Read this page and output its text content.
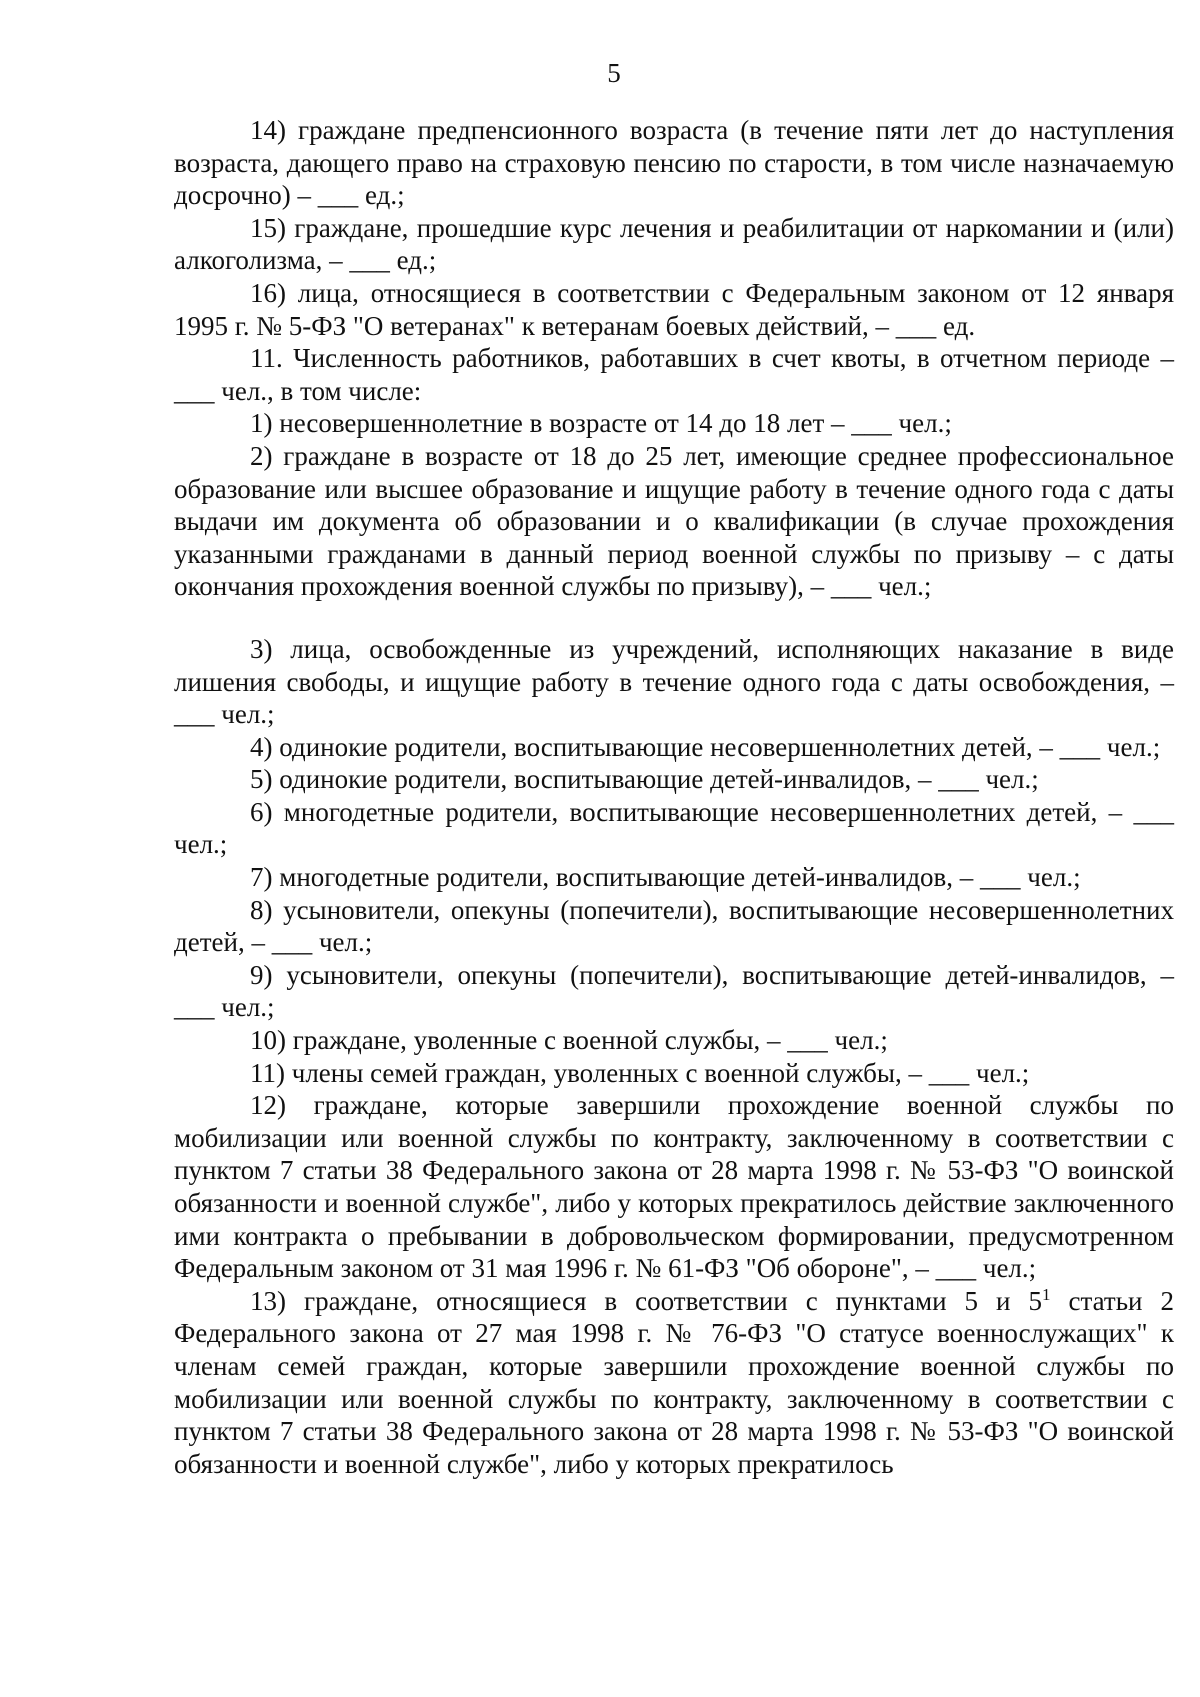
5

14) граждане предпенсионного возраста (в течение пяти лет до наступления возраста, дающего право на страховую пенсию по старости, в том числе назначаемую досрочно) – ___ ед.;

15) граждане, прошедшие курс лечения и реабилитации от наркомании и (или) алкоголизма, – ___ ед.;

16) лица, относящиеся в соответствии с Федеральным законом от 12 января 1995 г. № 5-ФЗ "О ветеранах" к ветеранам боевых действий, – ___ ед.

11. Численность работников, работавших в счет квоты, в отчетном периоде – ___ чел., в том числе:

1) несовершеннолетние в возрасте от 14 до 18 лет – ___ чел.;

2) граждане в возрасте от 18 до 25 лет, имеющие среднее профессиональное образование или высшее образование и ищущие работу в течение одного года с даты выдачи им документа об образовании и о квалификации (в случае прохождения указанными гражданами в данный период военной службы по призыву – с даты окончания прохождения военной службы по призыву), – ___ чел.;

3) лица, освобожденные из учреждений, исполняющих наказание в виде лишения свободы, и ищущие работу в течение одного года с даты освобождения, – ___ чел.;

4) одинокие родители, воспитывающие несовершеннолетних детей, – ___ чел.;

5) одинокие родители, воспитывающие детей-инвалидов, – ___ чел.;

6) многодетные родители, воспитывающие несовершеннолетних детей, – ___ чел.;

7) многодетные родители, воспитывающие детей-инвалидов, – ___ чел.;

8) усыновители, опекуны (попечители), воспитывающие несовершеннолетних детей, – ___ чел.;

9) усыновители, опекуны (попечители), воспитывающие детей-инвалидов, – ___ чел.;

10) граждане, уволенные с военной службы, – ___ чел.;

11) члены семей граждан, уволенных с военной службы, – ___ чел.;

12) граждане, которые завершили прохождение военной службы по мобилизации или военной службы по контракту, заключенному в соответствии с пунктом 7 статьи 38 Федерального закона от 28 марта 1998 г. № 53-ФЗ "О воинской обязанности и военной службе", либо у которых прекратилось действие заключенного ими контракта о пребывании в добровольческом формировании, предусмотренном Федеральным законом от 31 мая 1996 г. № 61-ФЗ "Об обороне", – ___ чел.;

13) граждане, относящиеся в соответствии с пунктами 5 и $5^1$ статьи 2 Федерального закона от 27 мая 1998 г. № 76-ФЗ "О статусе военнослужащих" к членам семей граждан, которые завершили прохождение военной службы по мобилизации или военной службы по контракту, заключенному в соответствии с пунктом 7 статьи 38 Федерального закона от 28 марта 1998 г. № 53-ФЗ "О воинской обязанности и военной службе", либо у которых прекратилось
